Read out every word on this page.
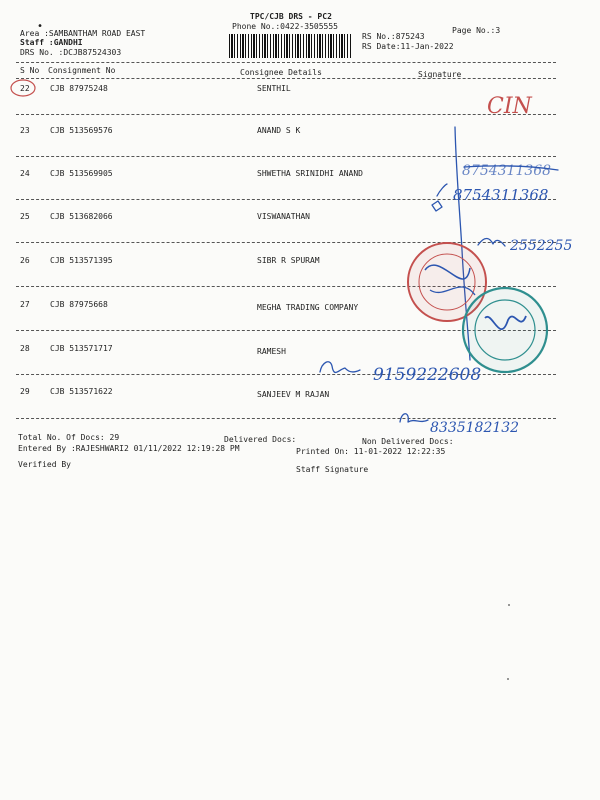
•
Area :SAMBANTHAM ROAD EAST
Staff :GANDHI
DRS No. :DCJB87524303
TPC/CJB DRS - PC2
Phone No.:0422-3505555
RS No.:875243
RS Date:11-Jan-2022
Page No.:3
S No Consignment No	Consignee Details	Signature
22	CJB 87975248	SENTHIL
23	CJB 513569576	ANAND S K
24	CJB 513569905	SHWETHA SRINIDHI ANAND
25	CJB 513682066	VISWANATHAN
26	CJB 513571395	SIBR R SPURAM
27	CJB 87975668	MEGHA TRADING COMPANY
28	CJB 513571717	RAMESH
29	CJB 513571622	SANJEEV M RAJAN
CIN
8754311368
8754311368
2552255
9159222608
8335182132
Total No. Of Docs: 29	Delivered Docs:	Non Delivered Docs:
Entered By :RAJESHWARI2 01/11/2022 12:19:28 PM	Printed On: 11-01-2022 12:22:35
Verified By
Staff Signature
